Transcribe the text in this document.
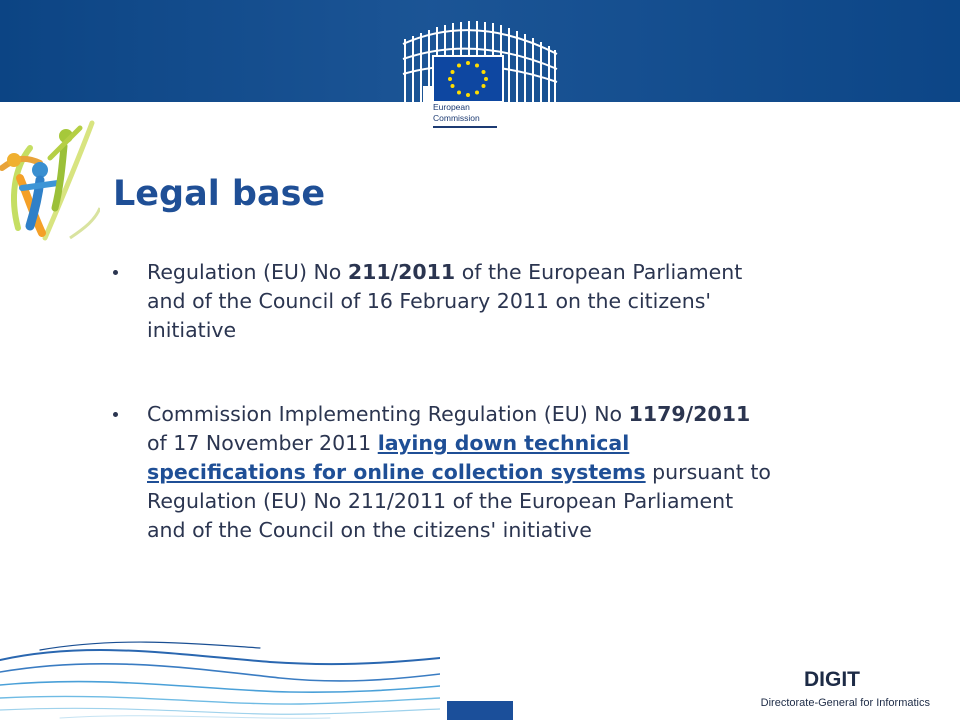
European
Commission
Legal base
Regulation (EU) No 211/2011 of the European Parliament
and of the Council of 16 February 2011 on the citizens'
initiative
Commission Implementing Regulation (EU) No 1179/2011
of 17 November 2011 laying down technical
specifications for online collection systems pursuant to
Regulation (EU) No 211/2011 of the European Parliament
and of the Council on the citizens' initiative
DIGIT
Directorate-General for Informatics
